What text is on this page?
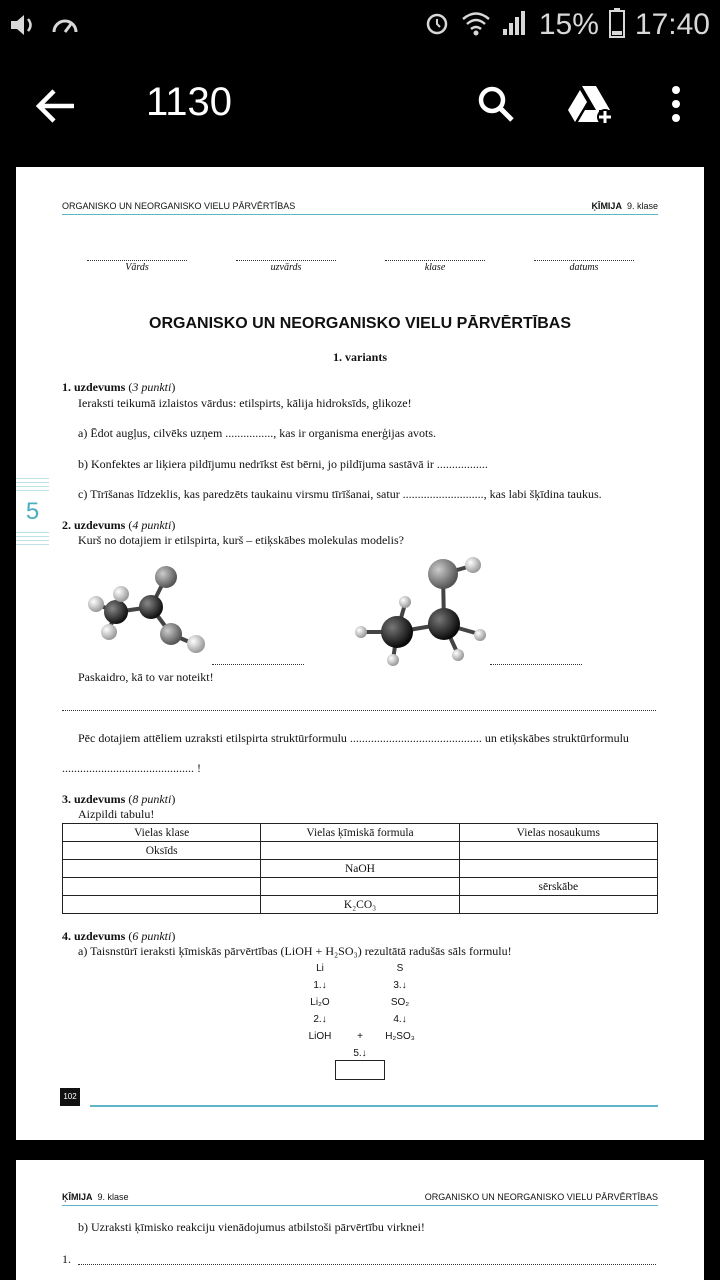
15% 17:40
1130
ORGANISKO UN NEORGANISKO VIELU PĀRVĒRTĪBAS	ĶĪMIJA 9. klase
Vārds	uzvārds	klase	datums
ORGANISKO UN NEORGANISKO VIELU PĀRVĒRTĪBAS
1. variants
5
1. uzdevums (3 punkti)
Ieraksti teikumā izlaistos vārdus: etilspirts, kālija hidroksīds, glikoze!
a) Ēdot augļus, cilvēks uzņem ................, kas ir organisma enerģijas avots.
b) Konfektes ar liķiera pildījumu nedrīkst ēst bērni, jo pildījuma sastāvā ir .................
c) Tīrīšanas līdzeklis, kas paredzēts taukainu virsmu tīrīšanai, satur ..........................., kas labi šķīdina taukus.
2. uzdevums (4 punkti)
Kurš no dotajiem ir etilspirta, kurš – etiķskābes molekulas modelis?
Paskaidro, kā to var noteikt!
Pēc dotajiem attēliem uzraksti etilspirta struktūrformulu ............................................ un etiķskābes struktūrformulu
............................................ !
3. uzdevums (8 punkti)
Aizpildi tabulu!
Vielas klase	Vielas ķīmiskā formula	Vielas nosaukums
Oksīds		
	NaOH	
		sērskābe
	K₂CO₃	
4. uzdevums (6 punkti)
a) Taisnstūrī ieraksti ķīmiskās pārvērtības (LiOH + H₂SO₃) rezultātā radušās sāls formulu!
Li
1.↓
Li₂O
2.↓
LiOH	+
S
3.↓
SO₂
4.↓
H₂SO₃
5.↓
102
ĶĪMIJA 9. klase	ORGANISKO UN NEORGANISKO VIELU PĀRVĒRTĪBAS
b) Uzraksti ķīmisko reakciju vienādojumus atbilstoši pārvērtību virknei!
1.
